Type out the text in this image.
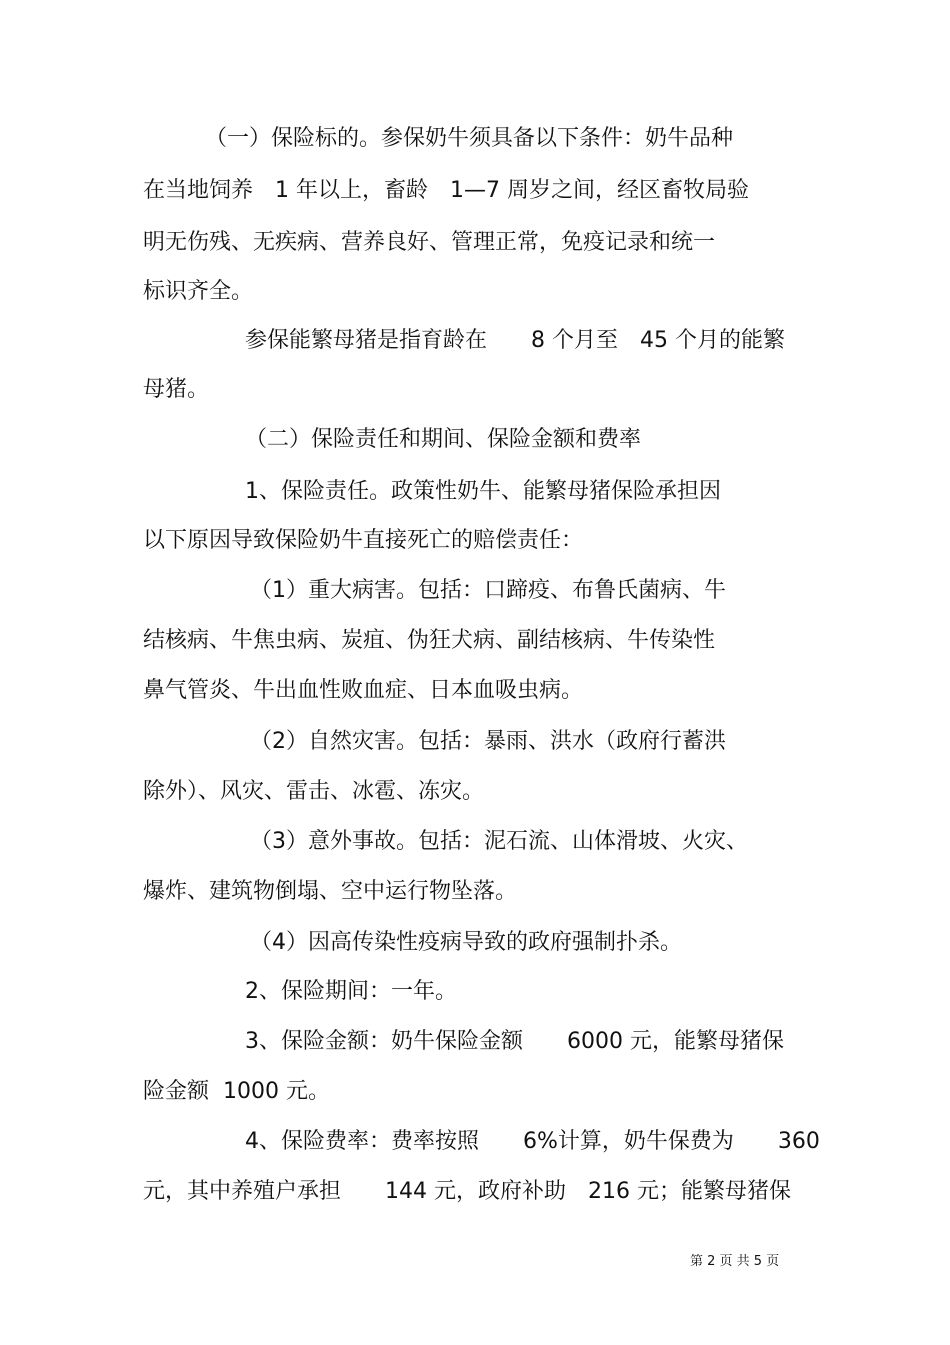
（一）保险标的。参保奶牛须具备以下条件：奶牛品种

在当地饲养　1 年以上，畜龄　1—7 周岁之间，经区畜牧局验

明无伤残、无疾病、营养良好、管理正常，免疫记录和统一

标识齐全。

参保能繁母猪是指育龄在　　8 个月至　45 个月的能繁

母猪。

（二）保险责任和期间、保险金额和费率

1、保险责任。政策性奶牛、能繁母猪保险承担因

以下原因导致保险奶牛直接死亡的赔偿责任：

（1）重大病害。包括：口蹄疫、布鲁氏菌病、牛

结核病、牛焦虫病、炭疽、伪狂犬病、副结核病、牛传染性

鼻气管炎、牛出血性败血症、日本血吸虫病。

（2）自然灾害。包括：暴雨、洪水（政府行蓄洪

除外）、风灾、雷击、冰雹、冻灾。

（3）意外事故。包括：泥石流、山体滑坡、火灾、

爆炸、建筑物倒塌、空中运行物坠落。

（4）因高传染性疫病导致的政府强制扑杀。

2、保险期间：一年。

3、保险金额：奶牛保险金额　　6000 元，能繁母猪保

险金额  1000 元。

4、保险费率：费率按照　　6%计算，奶牛保费为　　360

元，其中养殖户承担　　144 元，政府补助　216 元；能繁母猪保

第 2 页 共 5 页
